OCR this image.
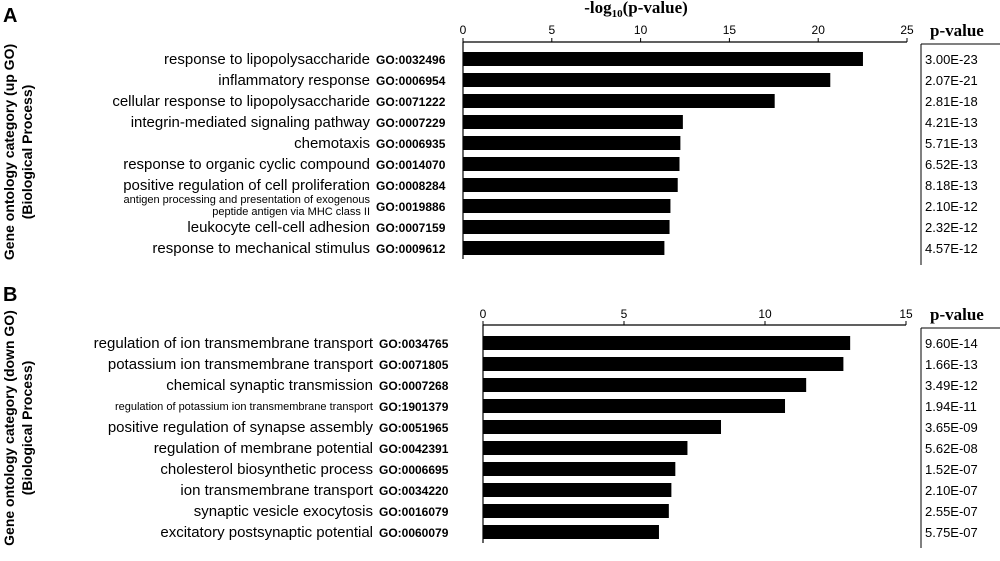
A
B
$-\log_{10}(p-value)$
Gene ontology category (up GO) (Biological Process)
Gene ontology category (down GO) (Biological Process)
p-value
p-value
0	5	10	15	20	25
response to lipopolysaccharide GO:0032496	3.00E-23
inflammatory response GO:0006954	2.07E-21
cellular response to lipopolysaccharide GO:0071222	2.81E-18
integrin-mediated signaling pathway GO:0007229	4.21E-13
chemotaxis GO:0006935	5.71E-13
response to organic cyclic compound GO:0014070	6.52E-13
positive regulation of cell proliferation GO:0008284	8.18E-13
antigen processing and presentation of exogenous peptide antigen via MHC class II GO:0019886	2.10E-12
leukocyte cell-cell adhesion GO:0007159	2.32E-12
response to mechanical stimulus GO:0009612	4.57E-12
0	5	10	15
regulation of ion transmembrane transport GO:0034765	9.60E-14
potassium ion transmembrane transport GO:0071805	1.66E-13
chemical synaptic transmission GO:0007268	3.49E-12
regulation of potassium ion transmembrane transport GO:1901379	1.94E-11
positive regulation of synapse assembly GO:0051965	3.65E-09
regulation of membrane potential GO:0042391	5.62E-08
cholesterol biosynthetic process GO:0006695	1.52E-07
ion transmembrane transport GO:0034220	2.10E-07
synaptic vesicle exocytosis GO:0016079	2.55E-07
excitatory postsynaptic potential GO:0060079	5.75E-07
